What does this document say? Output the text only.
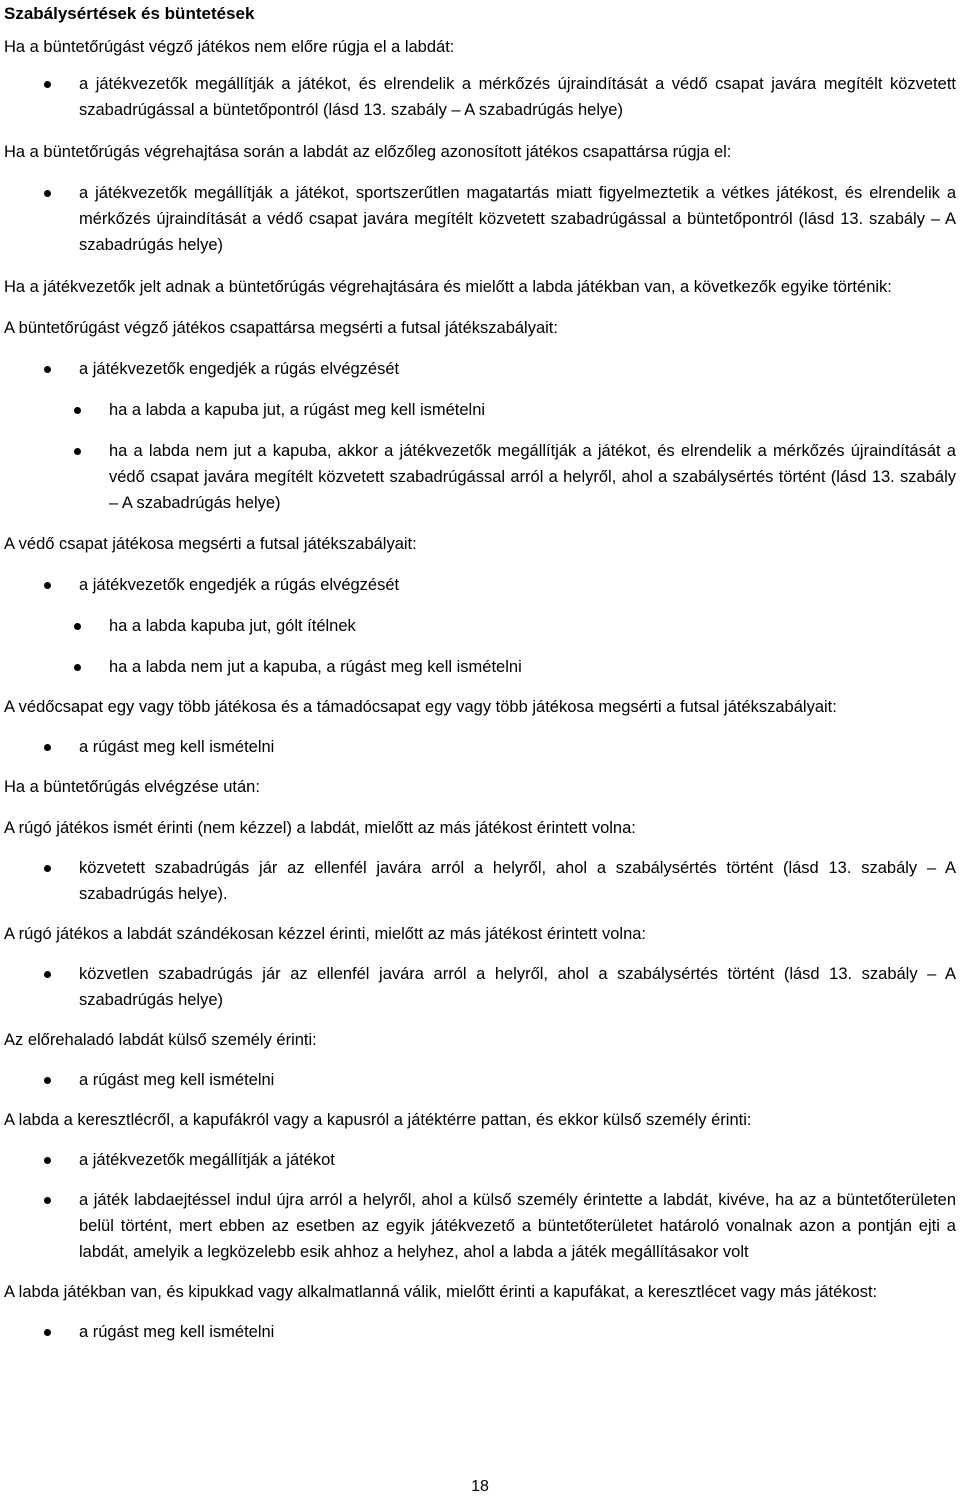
Szabálysértések és büntetések

Ha a büntetőrúgást végző játékos nem előre rúgja el a labdát:

a játékvezetők megállítják a játékot, és elrendelik a mérkőzés újraindítását a védő csapat javára megítélt közvetett szabadrúgással a büntetőpontról (lásd 13. szabály – A szabadrúgás helye)

Ha a büntetőrúgás végrehajtása során a labdát az előzőleg azonosított játékos csapattársa rúgja el:

a játékvezetők megállítják a játékot, sportszerűtlen magatartás miatt figyelmeztetik a vétkes játékost, és elrendelik a mérkőzés újraindítását a védő csapat javára megítélt közvetett szabadrúgással a büntetőpontról (lásd 13. szabály – A szabadrúgás helye)

Ha a játékvezetők jelt adnak a büntetőrúgás végrehajtására és mielőtt a labda játékban van, a következők egyike történik:

A büntetőrúgást végző játékos csapattársa megsérti a futsal játékszabályait:

a játékvezetők engedjék a rúgás elvégzését
ha a labda a kapuba jut, a rúgást meg kell ismételni
ha a labda nem jut a kapuba, akkor a játékvezetők megállítják a játékot, és elrendelik a mérkőzés újraindítását a védő csapat javára megítélt közvetett szabadrúgással arról a helyről, ahol a szabálysértés történt (lásd 13. szabály – A szabadrúgás helye)

A védő csapat játékosa megsérti a futsal játékszabályait:

a játékvezetők engedjék a rúgás elvégzését
ha a labda kapuba jut, gólt ítélnek
ha a labda nem jut a kapuba, a rúgást meg kell ismételni

A védőcsapat egy vagy több játékosa és a támadócsapat egy vagy több játékosa megsérti a futsal játékszabályait:

a rúgást meg kell ismételni

Ha a büntetőrúgás elvégzése után:

A rúgó játékos ismét érinti (nem kézzel) a labdát, mielőtt az más játékost érintett volna:

közvetett szabadrúgás jár az ellenfél javára arról a helyről, ahol a szabálysértés történt (lásd 13. szabály – A szabadrúgás helye).

A rúgó játékos a labdát szándékosan kézzel érinti, mielőtt az más játékost érintett volna:

közvetlen szabadrúgás jár az ellenfél javára arról a helyről, ahol a szabálysértés történt (lásd 13. szabály – A szabadrúgás helye)

Az előrehaladó labdát külső személy érinti:

a rúgást meg kell ismételni

A labda a keresztlécről, a kapufákról vagy a kapusról a játéktérre pattan, és ekkor külső személy érinti:

a játékvezetők megállítják a játékot
a játék labdaejtéssel indul újra arról a helyről, ahol a külső személy érintette a labdát, kivéve, ha az a büntetőterületen belül történt, mert ebben az esetben az egyik játékvezető a büntetőterületet határoló vonalnak azon a pontján ejti a labdát, amelyik a legközelebb esik ahhoz a helyhez, ahol a labda a játék megállításakor volt

A labda játékban van, és kipukkad vagy alkalmatlanná válik, mielőtt érinti a kapufákat, a keresztlécet vagy más játékost:

a rúgást meg kell ismételni
18
